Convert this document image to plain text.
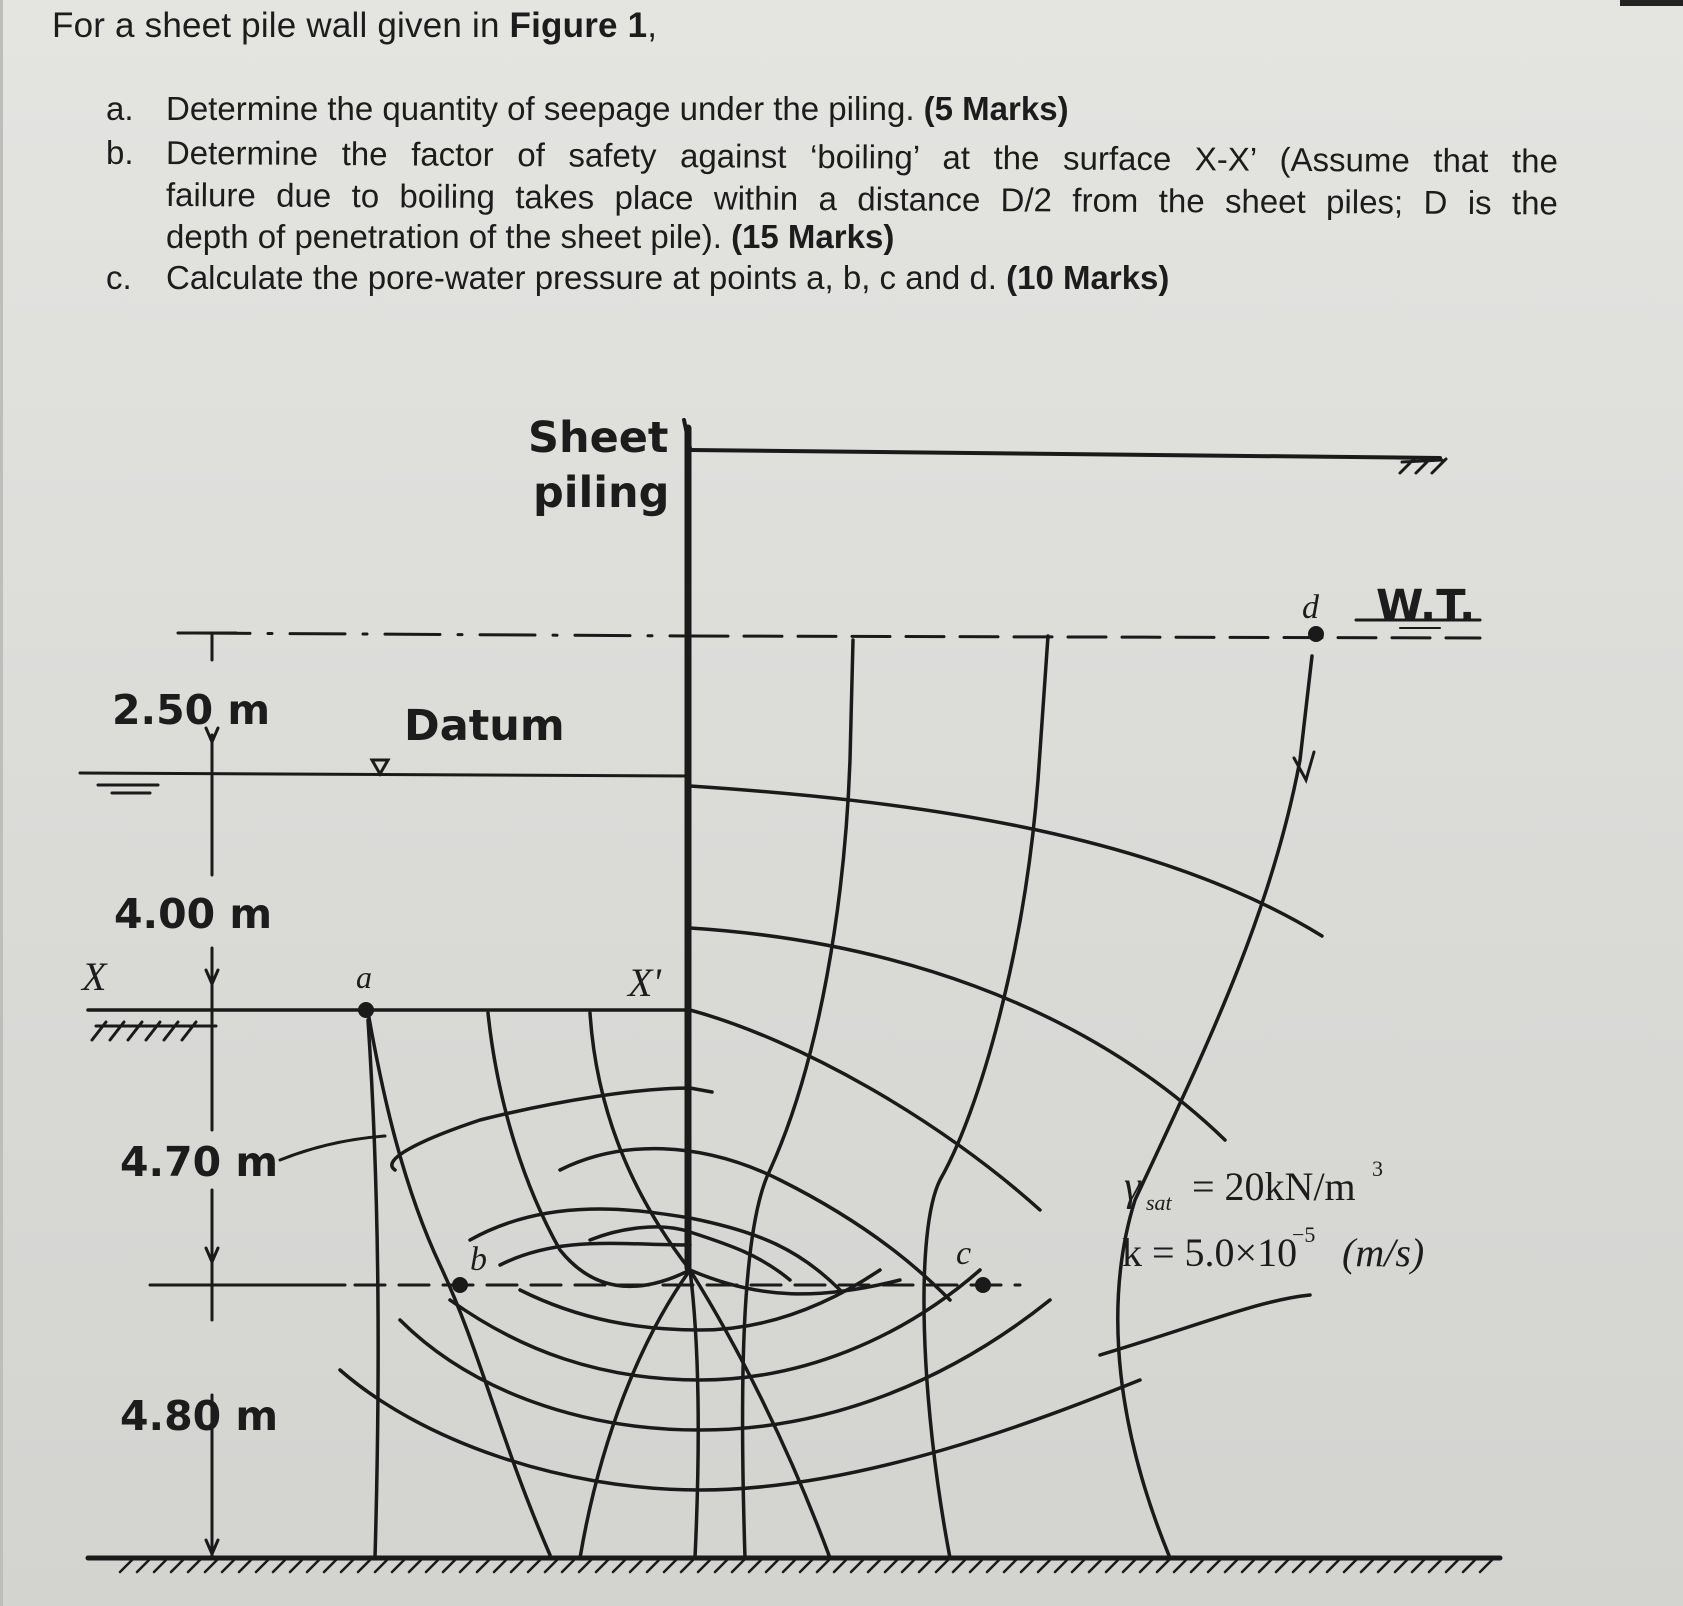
For a sheet pile wall given in Figure 1,
a. Determine the quantity of seepage under the piling. (5 Marks)
b. Determine the factor of safety against ‘boiling’ at the surface X-X’ (Assume that the
failure due to boiling takes place within a distance D/2 from the sheet piles; D is the
depth of penetration of the sheet pile). (15 Marks)
c. Calculate the pore-water pressure at points a, b, c and d. (10 Marks)
Sheet
piling
Datum
W.T.
2.50 m
4.00 m
4.70 m
4.80 m
X	X'
a
b	c
d
γ sat = 20kN/m 3
k = 5.0×10
−5 (m/s)
